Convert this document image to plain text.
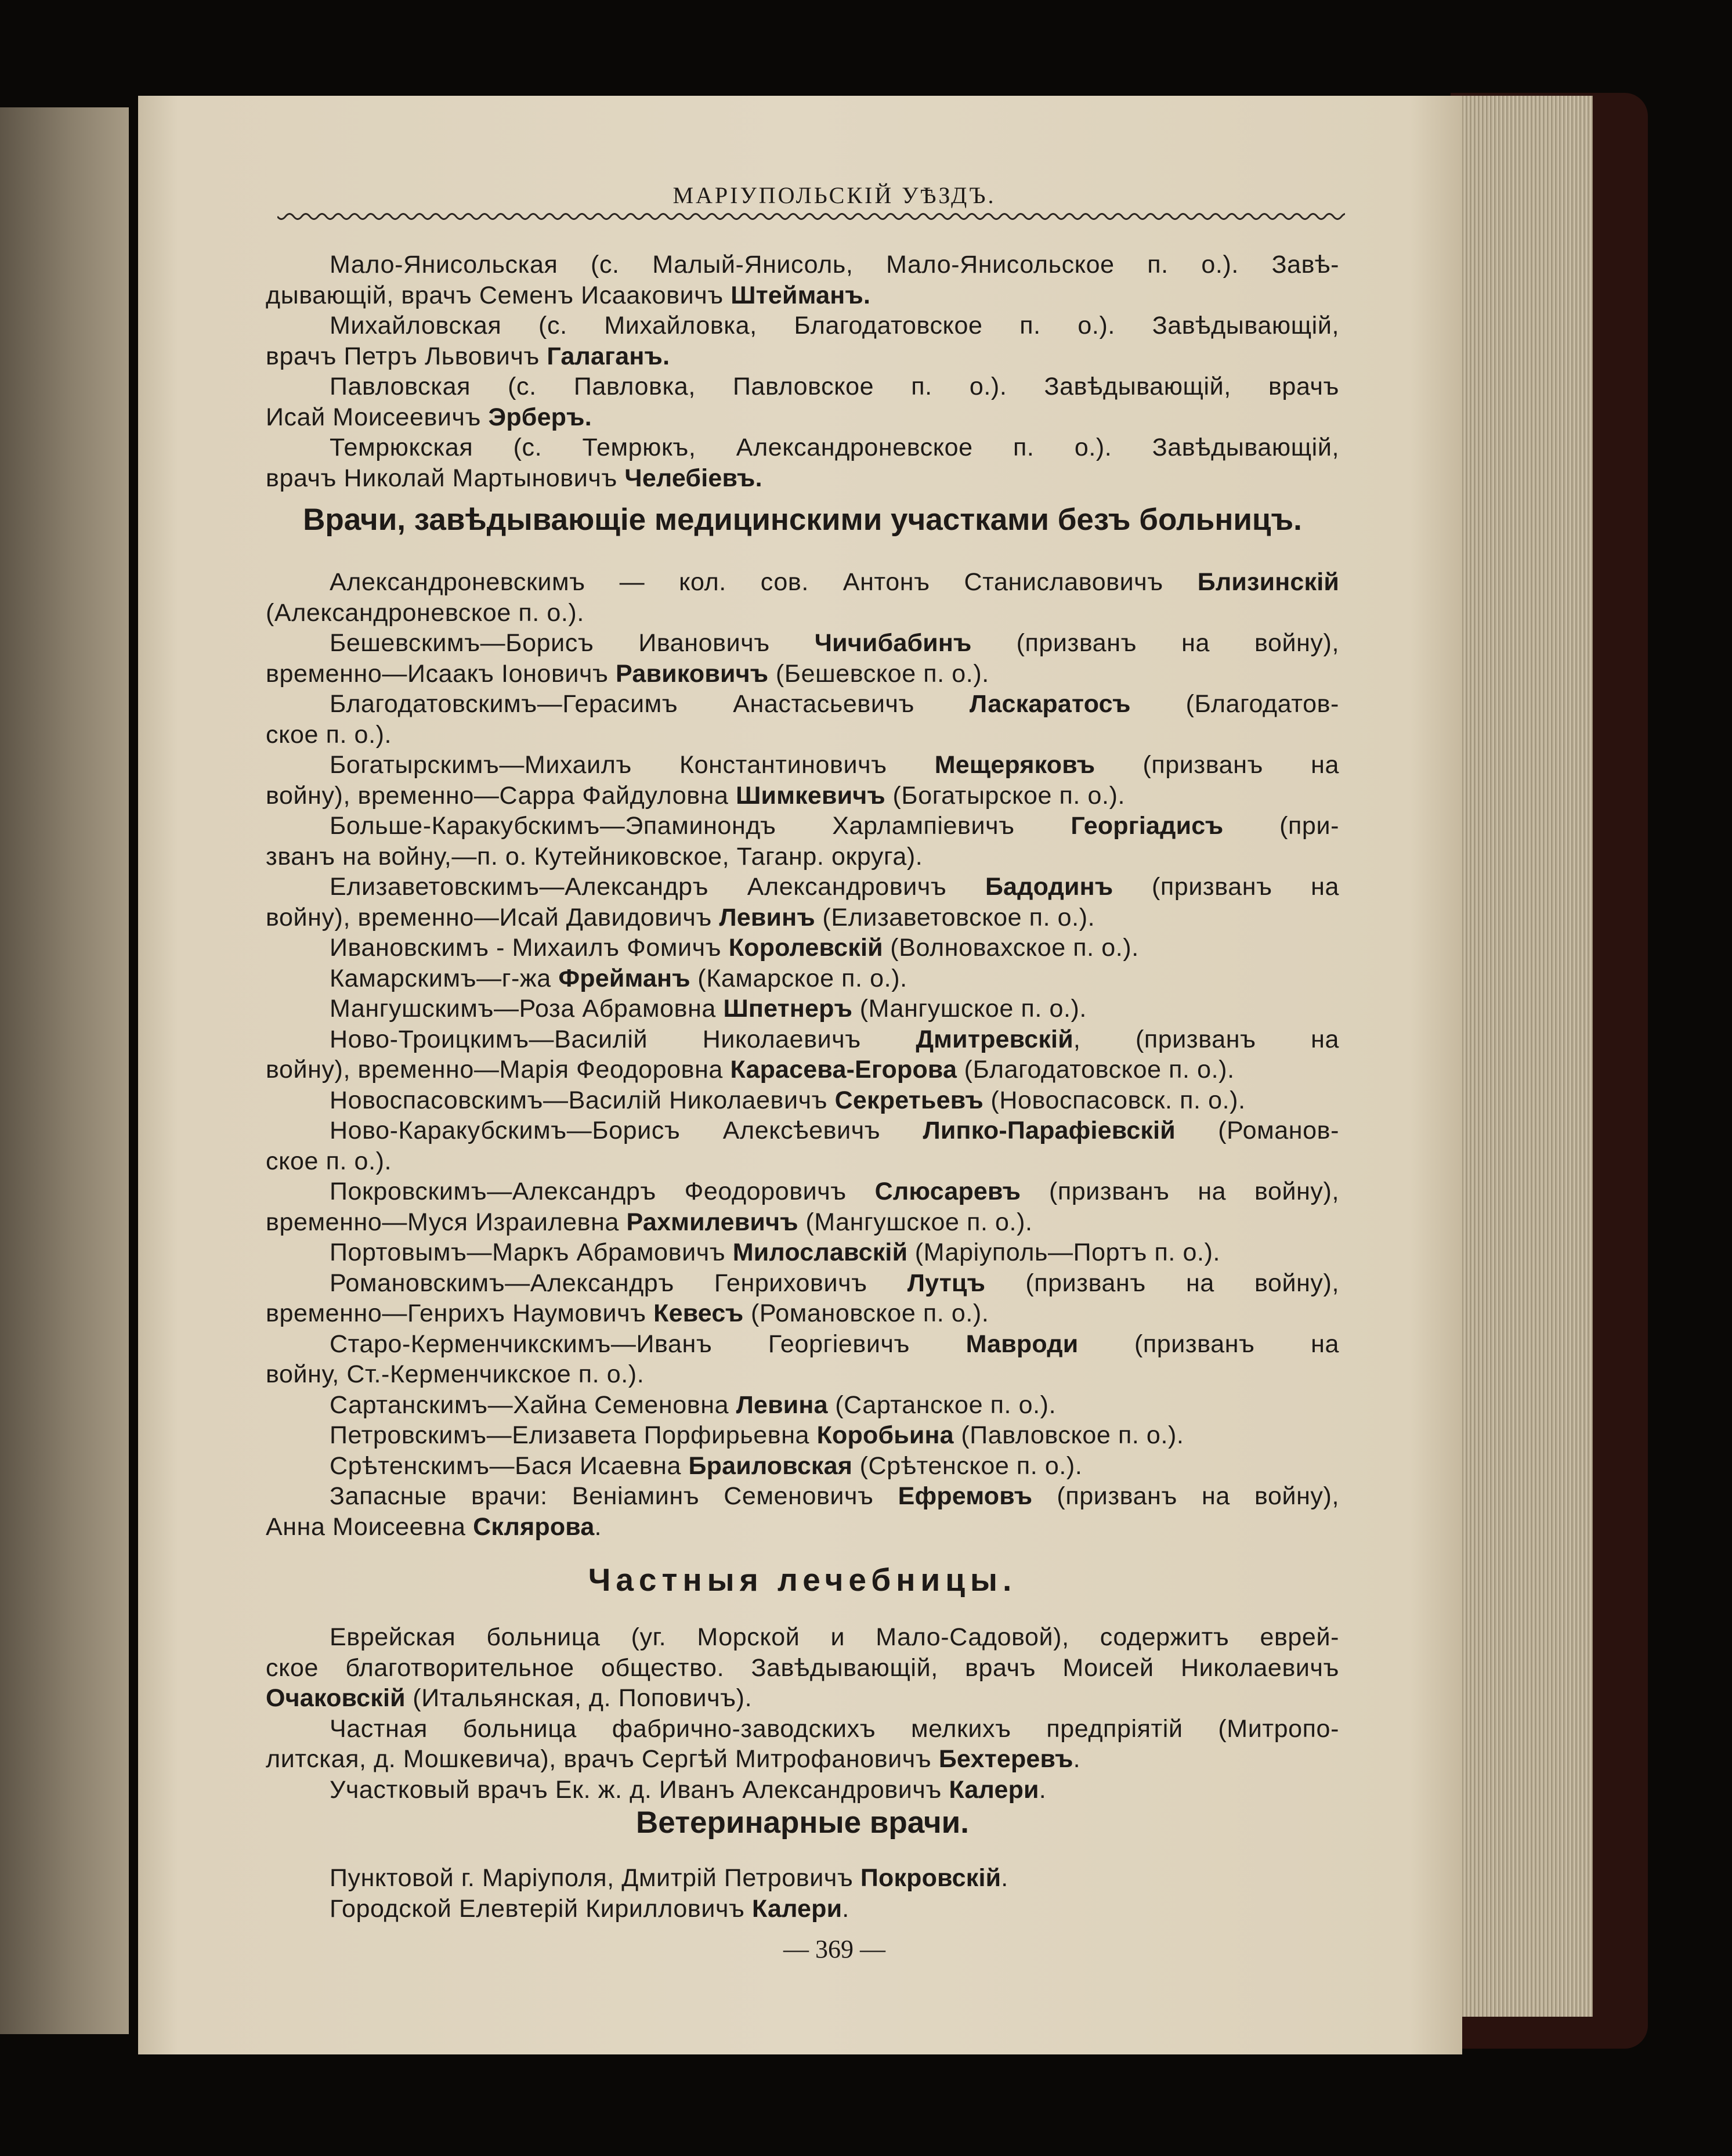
МАРІУПОЛЬСКІЙ УѢЗДЪ.
Мало-Янисольская (с. Малый-Янисоль, Мало-Янисольское п. о.). Завѣ-
дывающій, врачъ Семенъ Исааковичъ Штейманъ.
Михайловская (с. Михайловка, Благодатовское п. о.). Завѣдывающій,
врачъ Петръ Львовичъ Галаганъ.
Павловская (с. Павловка, Павловское п. о.). Завѣдывающій, врачъ
Исай Моисеевичъ Эрберъ.
Темрюкская (с. Темрюкъ, Александроневское п. о.). Завѣдывающій,
врачъ Николай Мартыновичъ Челебіевъ.
Врачи, завѣдывающіе медицинскими участками безъ больницъ.
Александроневскимъ — кол. сов. Антонъ Станиславовичъ Близинскій
(Александроневское п. о.).
Бешевскимъ—Борисъ Ивановичъ Чичибабинъ (призванъ на войну),
временно—Исаакъ Іоновичъ Равиковичъ (Бешевское п. о.).
Благодатовскимъ—Герасимъ Анастасьевичъ Ласкаратосъ (Благодатов-
ское п. о.).
Богатырскимъ—Михаилъ Константиновичъ Мещеряковъ (призванъ на
войну), временно—Сарра Файдуловна Шимкевичъ (Богатырское п. о.).
Больше-Каракубскимъ—Эпаминондъ Харлампіевичъ Георгіадисъ (при-
званъ на войну,—п. о. Кутейниковское, Таганр. округа).
Елизаветовскимъ—Александръ Александровичъ Бадодинъ (призванъ на
войну), временно—Исай Давидовичъ Левинъ (Елизаветовское п. о.).
Ивановскимъ - Михаилъ Фомичъ Королевскій (Волновахское п. о.).
Камарскимъ—г-жа Фрейманъ (Камарское п. о.).
Мангушскимъ—Роза Абрамовна Шпетнеръ (Мангушское п. о.).
Ново-Троицкимъ—Василій Николаевичъ Дмитревскій, (призванъ на
войну), временно—Марія Феодоровна Карасева-Егорова (Благодатовское п. о.).
Новоспасовскимъ—Василій Николаевичъ Секретьевъ (Новоспасовск. п. о.).
Ново-Каракубскимъ—Борисъ Алексѣевичъ Липко-Парафіевскій (Романов-
ское п. о.).
Покровскимъ—Александръ Феодоровичъ Слюсаревъ (призванъ на войну),
временно—Муся Израилевна Рахмилевичъ (Мангушское п. о.).
Портовымъ—Маркъ Абрамовичъ Милославскій (Маріуполь—Портъ п. о.).
Романовскимъ—Александръ Генриховичъ Лутцъ (призванъ на войну),
временно—Генрихъ Наумовичъ Кевесъ (Романовское п. о.).
Старо-Керменчикскимъ—Иванъ Георгіевичъ Мавроди (призванъ на
войну, Ст.-Керменчикское п. о.).
Сартанскимъ—Хайна Семеновна Левина (Сартанское п. о.).
Петровскимъ—Елизавета Порфирьевна Коробьина (Павловское п. о.).
Срѣтенскимъ—Бася Исаевна Браиловская (Срѣтенское п. о.).
Запасные врачи: Веніаминъ Семеновичъ Ефремовъ (призванъ на войну),
Анна Моисеевна Склярова.
Частныя лечебницы.
Еврейская больница (уг. Морской и Мало-Садовой), содержитъ еврей-
ское благотворительное общество. Завѣдывающій, врачъ Моисей Николаевичъ
Очаковскій (Итальянская, д. Поповичъ).
Частная больница фабрично-заводскихъ мелкихъ предпріятій (Митропо-
литская, д. Мошкевича), врачъ Сергѣй Митрофановичъ Бехтеревъ.
Участковый врачъ Ек. ж. д. Иванъ Александровичъ Калери.
Ветеринарные врачи.
Пунктовой г. Маріуполя, Дмитрій Петровичъ Покровскій.
Городской Елевтерій Кирилловичъ Калери.
— 369 —
